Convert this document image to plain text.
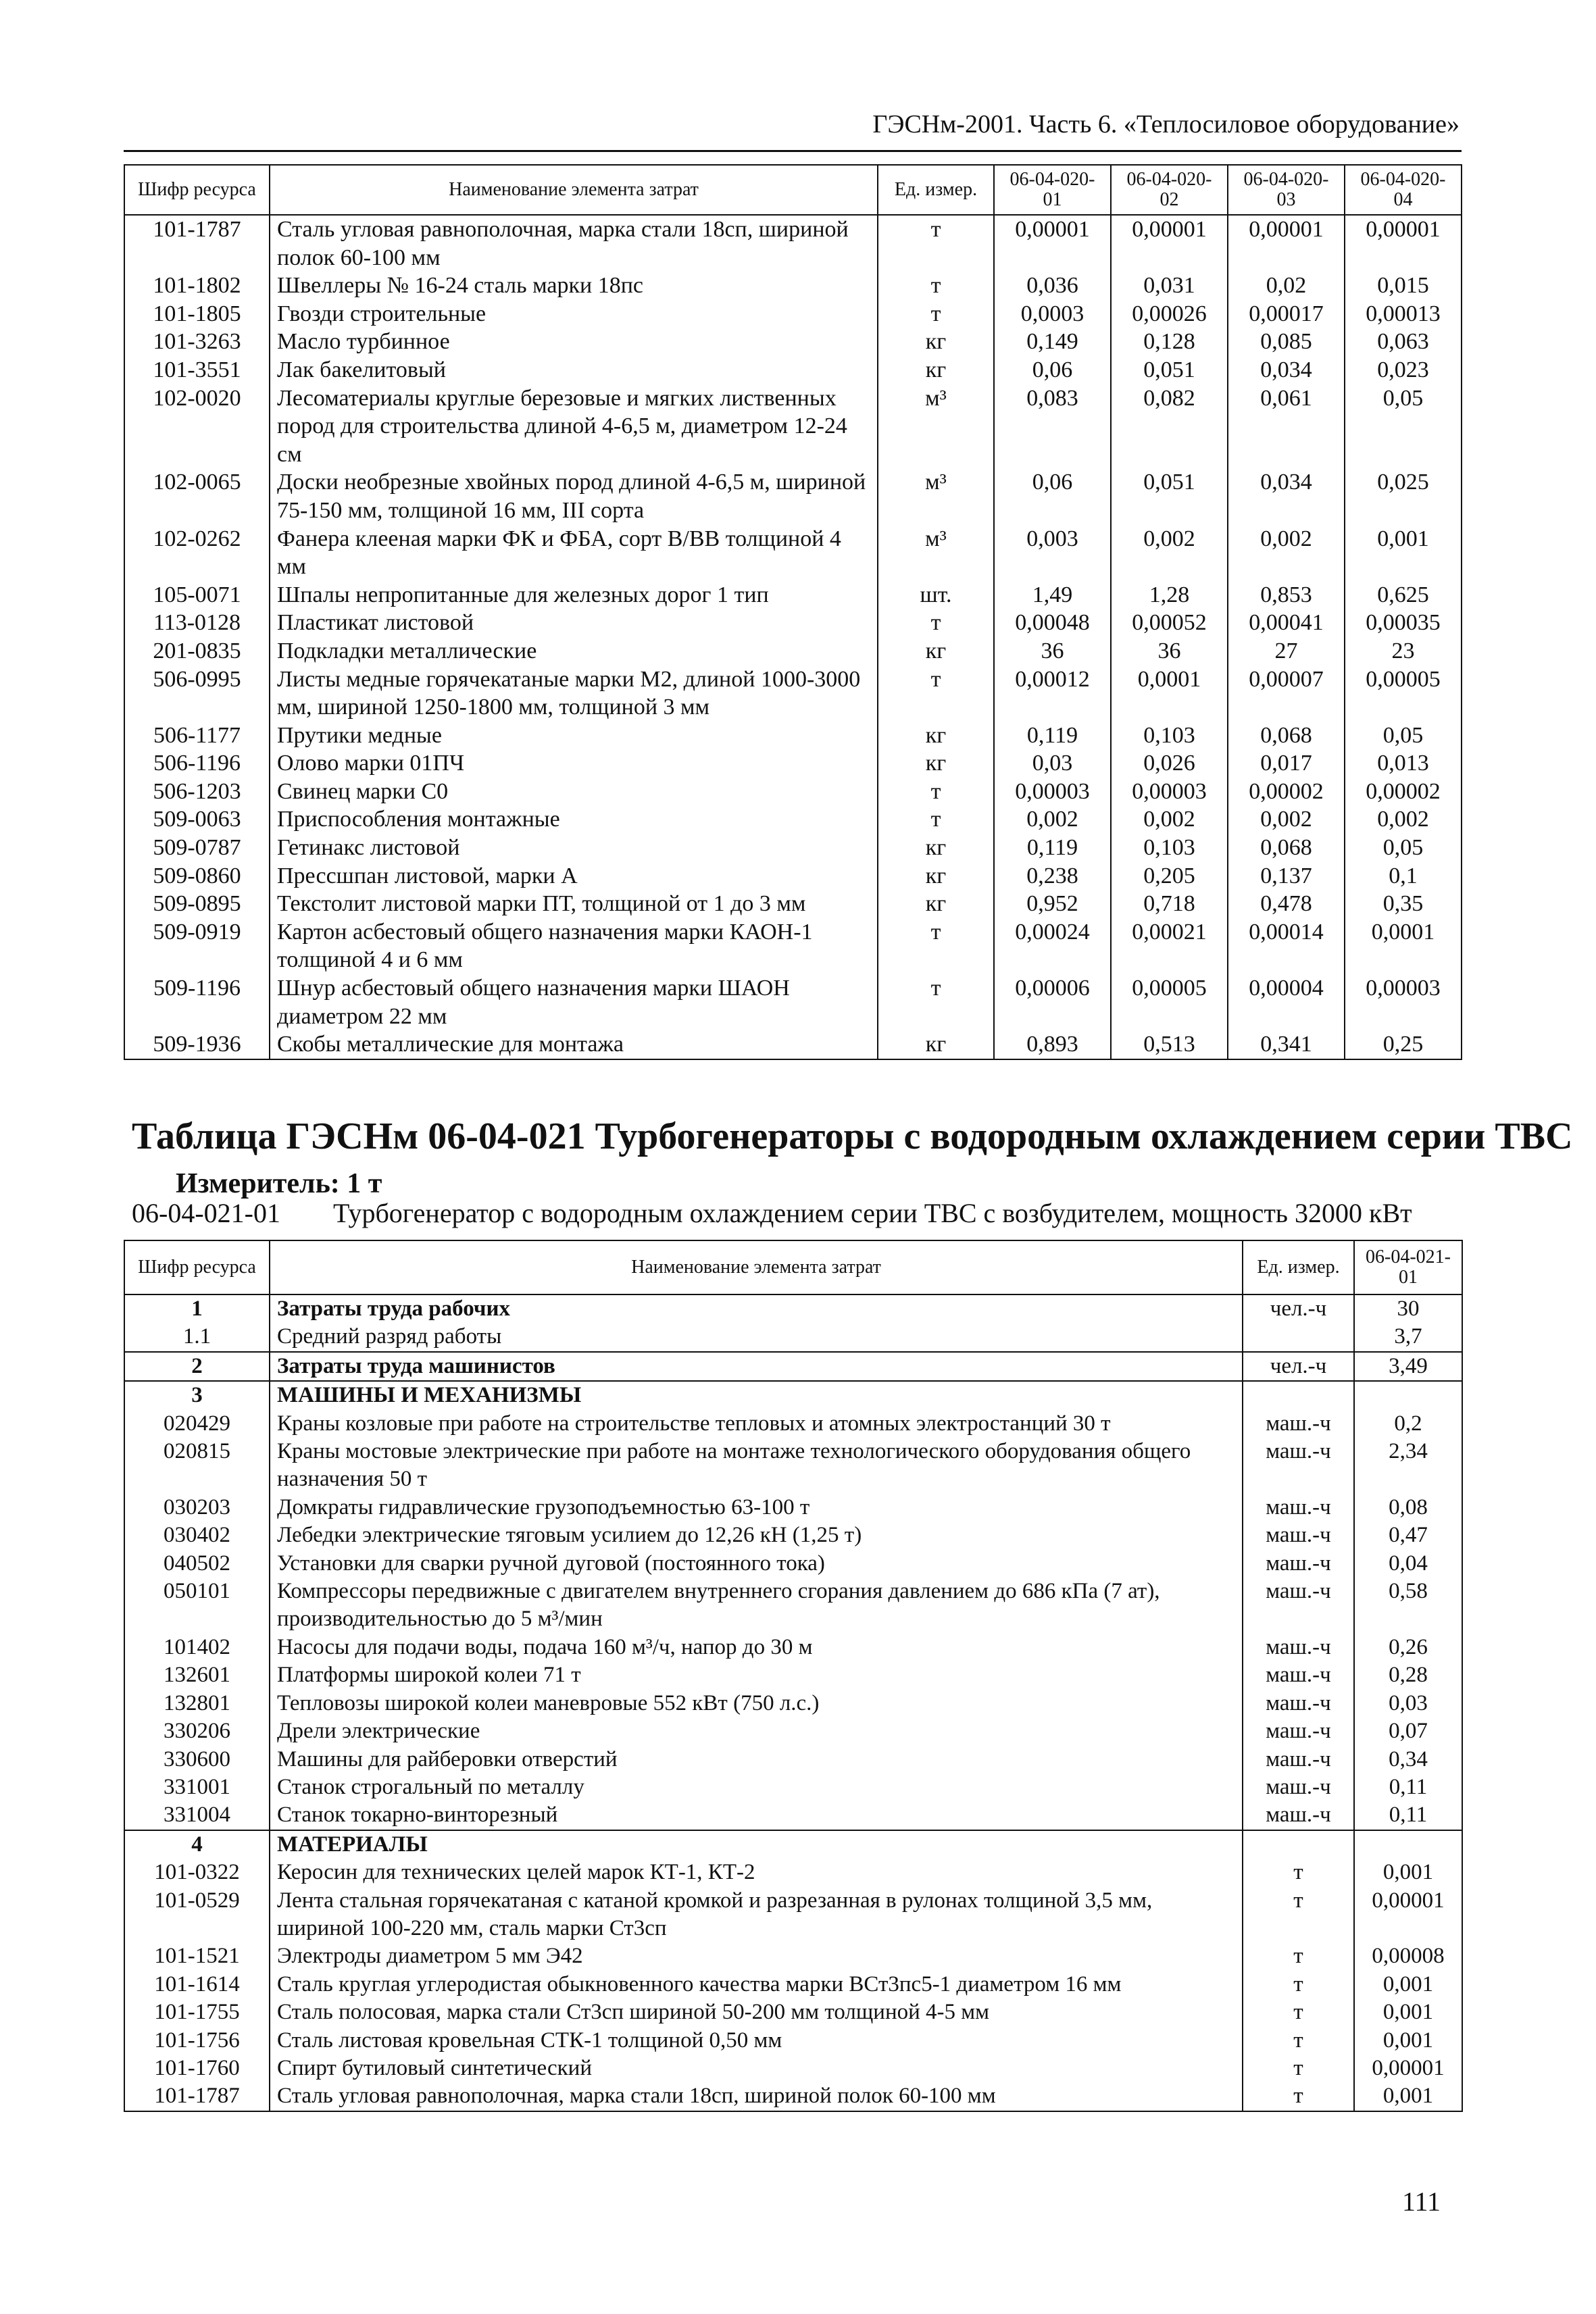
ГЭСНм-2001. Часть 6. «Теплосиловое оборудование»
Шифр ресурса	Наименование элемента затрат	Ед. измер.	06-04-020-01	06-04-020-02	06-04-020-03	06-04-020-04
101-1787	Сталь угловая равнополочная, марка стали 18сп, шириной полок 60-100 мм	т	0,00001	0,00001	0,00001	0,00001
101-1802	Швеллеры № 16-24 сталь марки 18пс	т	0,036	0,031	0,02	0,015
101-1805	Гвозди строительные	т	0,0003	0,00026	0,00017	0,00013
101-3263	Масло турбинное	кг	0,149	0,128	0,085	0,063
101-3551	Лак бакелитовый	кг	0,06	0,051	0,034	0,023
102-0020	Лесоматериалы круглые березовые и мягких лиственных пород для строительства длиной 4-6,5 м, диаметром 12-24 см	м³	0,083	0,082	0,061	0,05
102-0065	Доски необрезные хвойных пород длиной 4-6,5 м, шириной 75-150 мм, толщиной 16 мм, III сорта	м³	0,06	0,051	0,034	0,025
102-0262	Фанера клееная марки ФК и ФБА, сорт В/ВВ толщиной 4 мм	м³	0,003	0,002	0,002	0,001
105-0071	Шпалы непропитанные для железных дорог 1 тип	шт.	1,49	1,28	0,853	0,625
113-0128	Пластикат листовой	т	0,00048	0,00052	0,00041	0,00035
201-0835	Подкладки металлические	кг	36	36	27	23
506-0995	Листы медные горячекатаные марки М2, длиной 1000-3000 мм, шириной 1250-1800 мм, толщиной 3 мм	т	0,00012	0,0001	0,00007	0,00005
506-1177	Прутики медные	кг	0,119	0,103	0,068	0,05
506-1196	Олово марки 01ПЧ	кг	0,03	0,026	0,017	0,013
506-1203	Свинец марки С0	т	0,00003	0,00003	0,00002	0,00002
509-0063	Приспособления монтажные	т	0,002	0,002	0,002	0,002
509-0787	Гетинакс листовой	кг	0,119	0,103	0,068	0,05
509-0860	Прессшпан листовой, марки А	кг	0,238	0,205	0,137	0,1
509-0895	Текстолит листовой марки ПТ, толщиной от 1 до 3 мм	кг	0,952	0,718	0,478	0,35
509-0919	Картон асбестовый общего назначения марки КАОН-1 толщиной 4 и 6 мм	т	0,00024	0,00021	0,00014	0,0001
509-1196	Шнур асбестовый общего назначения марки ШАОН диаметром 22 мм	т	0,00006	0,00005	0,00004	0,00003
509-1936	Скобы металлические для монтажа	кг	0,893	0,513	0,341	0,25
Таблица ГЭСНм 06-04-021 Турбогенераторы с водородным охлаждением серии ТВС
Измеритель: 1 т
06-04-021-01 Турбогенератор с водородным охлаждением серии ТВС с возбудителем, мощность 32000 кВт
Шифр ресурса	Наименование элемента затрат	Ед. измер.	06-04-021-01
1	Затраты труда рабочих	чел.-ч	30
1.1	Средний разряд работы		3,7
2	Затраты труда машинистов	чел.-ч	3,49
3	МАШИНЫ И МЕХАНИЗМЫ		
020429	Краны козловые при работе на строительстве тепловых и атомных электростанций 30 т	маш.-ч	0,2
020815	Краны мостовые электрические при работе на монтаже технологического оборудования общего назначения 50 т	маш.-ч	2,34
030203	Домкраты гидравлические грузоподъемностью 63-100 т	маш.-ч	0,08
030402	Лебедки электрические тяговым усилием до 12,26 кН (1,25 т)	маш.-ч	0,47
040502	Установки для сварки ручной дуговой (постоянного тока)	маш.-ч	0,04
050101	Компрессоры передвижные с двигателем внутреннего сгорания давлением до 686 кПа (7 ат), производительностью до 5 м³/мин	маш.-ч	0,58
101402	Насосы для подачи воды, подача 160 м³/ч, напор до 30 м	маш.-ч	0,26
132601	Платформы широкой колеи 71 т	маш.-ч	0,28
132801	Тепловозы широкой колеи маневровые 552 кВт (750 л.с.)	маш.-ч	0,03
330206	Дрели электрические	маш.-ч	0,07
330600	Машины для райберовки отверстий	маш.-ч	0,34
331001	Станок строгальный по металлу	маш.-ч	0,11
331004	Станок токарно-винторезный	маш.-ч	0,11
4	МАТЕРИАЛЫ		
101-0322	Керосин для технических целей марок КТ-1, КТ-2	т	0,001
101-0529	Лента стальная горячекатаная с катаной кромкой и разрезанная в рулонах толщиной 3,5 мм, шириной 100-220 мм, сталь марки Ст3сп	т	0,00001
101-1521	Электроды диаметром 5 мм Э42	т	0,00008
101-1614	Сталь круглая углеродистая обыкновенного качества марки ВСт3пс5-1 диаметром 16 мм	т	0,001
101-1755	Сталь полосовая, марка стали Ст3сп шириной 50-200 мм толщиной 4-5 мм	т	0,001
101-1756	Сталь листовая кровельная СТК-1 толщиной 0,50 мм	т	0,001
101-1760	Спирт бутиловый синтетический	т	0,00001
101-1787	Сталь угловая равнополочная, марка стали 18сп, шириной полок 60-100 мм	т	0,001
111
